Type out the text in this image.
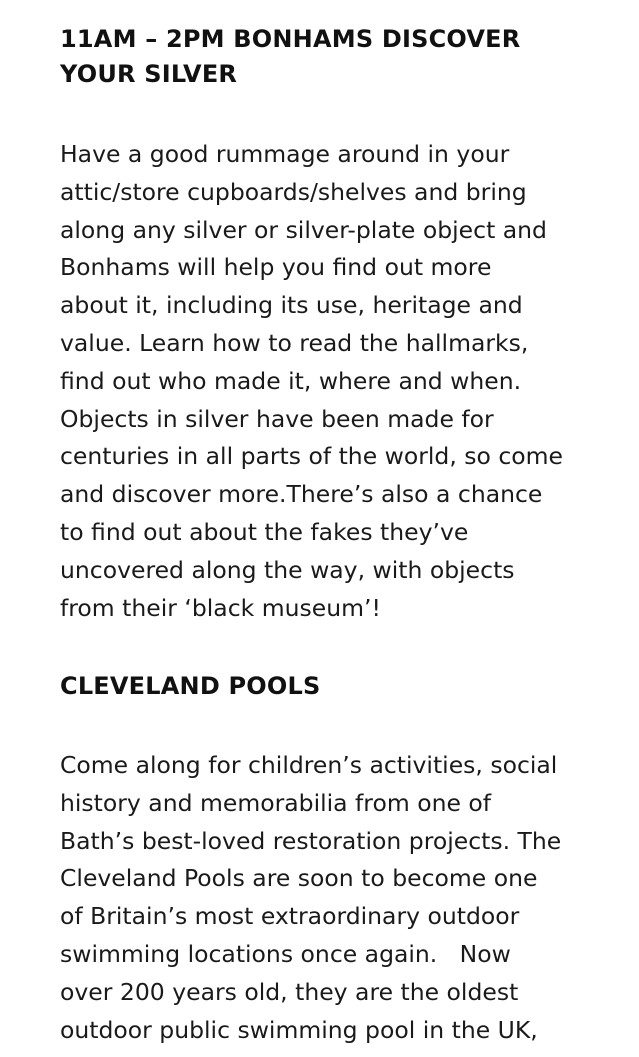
11AM – 2PM BONHAMS DISCOVER
YOUR SILVER

Have a good rummage around in your
attic/store cupboards/shelves and bring
along any silver or silver-plate object and
Bonhams will help you find out more
about it, including its use, heritage and
value. Learn how to read the hallmarks,
find out who made it, where and when.
Objects in silver have been made for
centuries in all parts of the world, so come
and discover more.There’s also a chance
to find out about the fakes they’ve
uncovered along the way, with objects
from their ‘black museum’!

CLEVELAND POOLS

Come along for children’s activities, social
history and memorabilia from one of
Bath’s best-loved restoration projects. The
Cleveland Pools are soon to become one
of Britain’s most extraordinary outdoor
swimming locations once again.   Now
over 200 years old, they are the oldest
outdoor public swimming pool in the UK,
